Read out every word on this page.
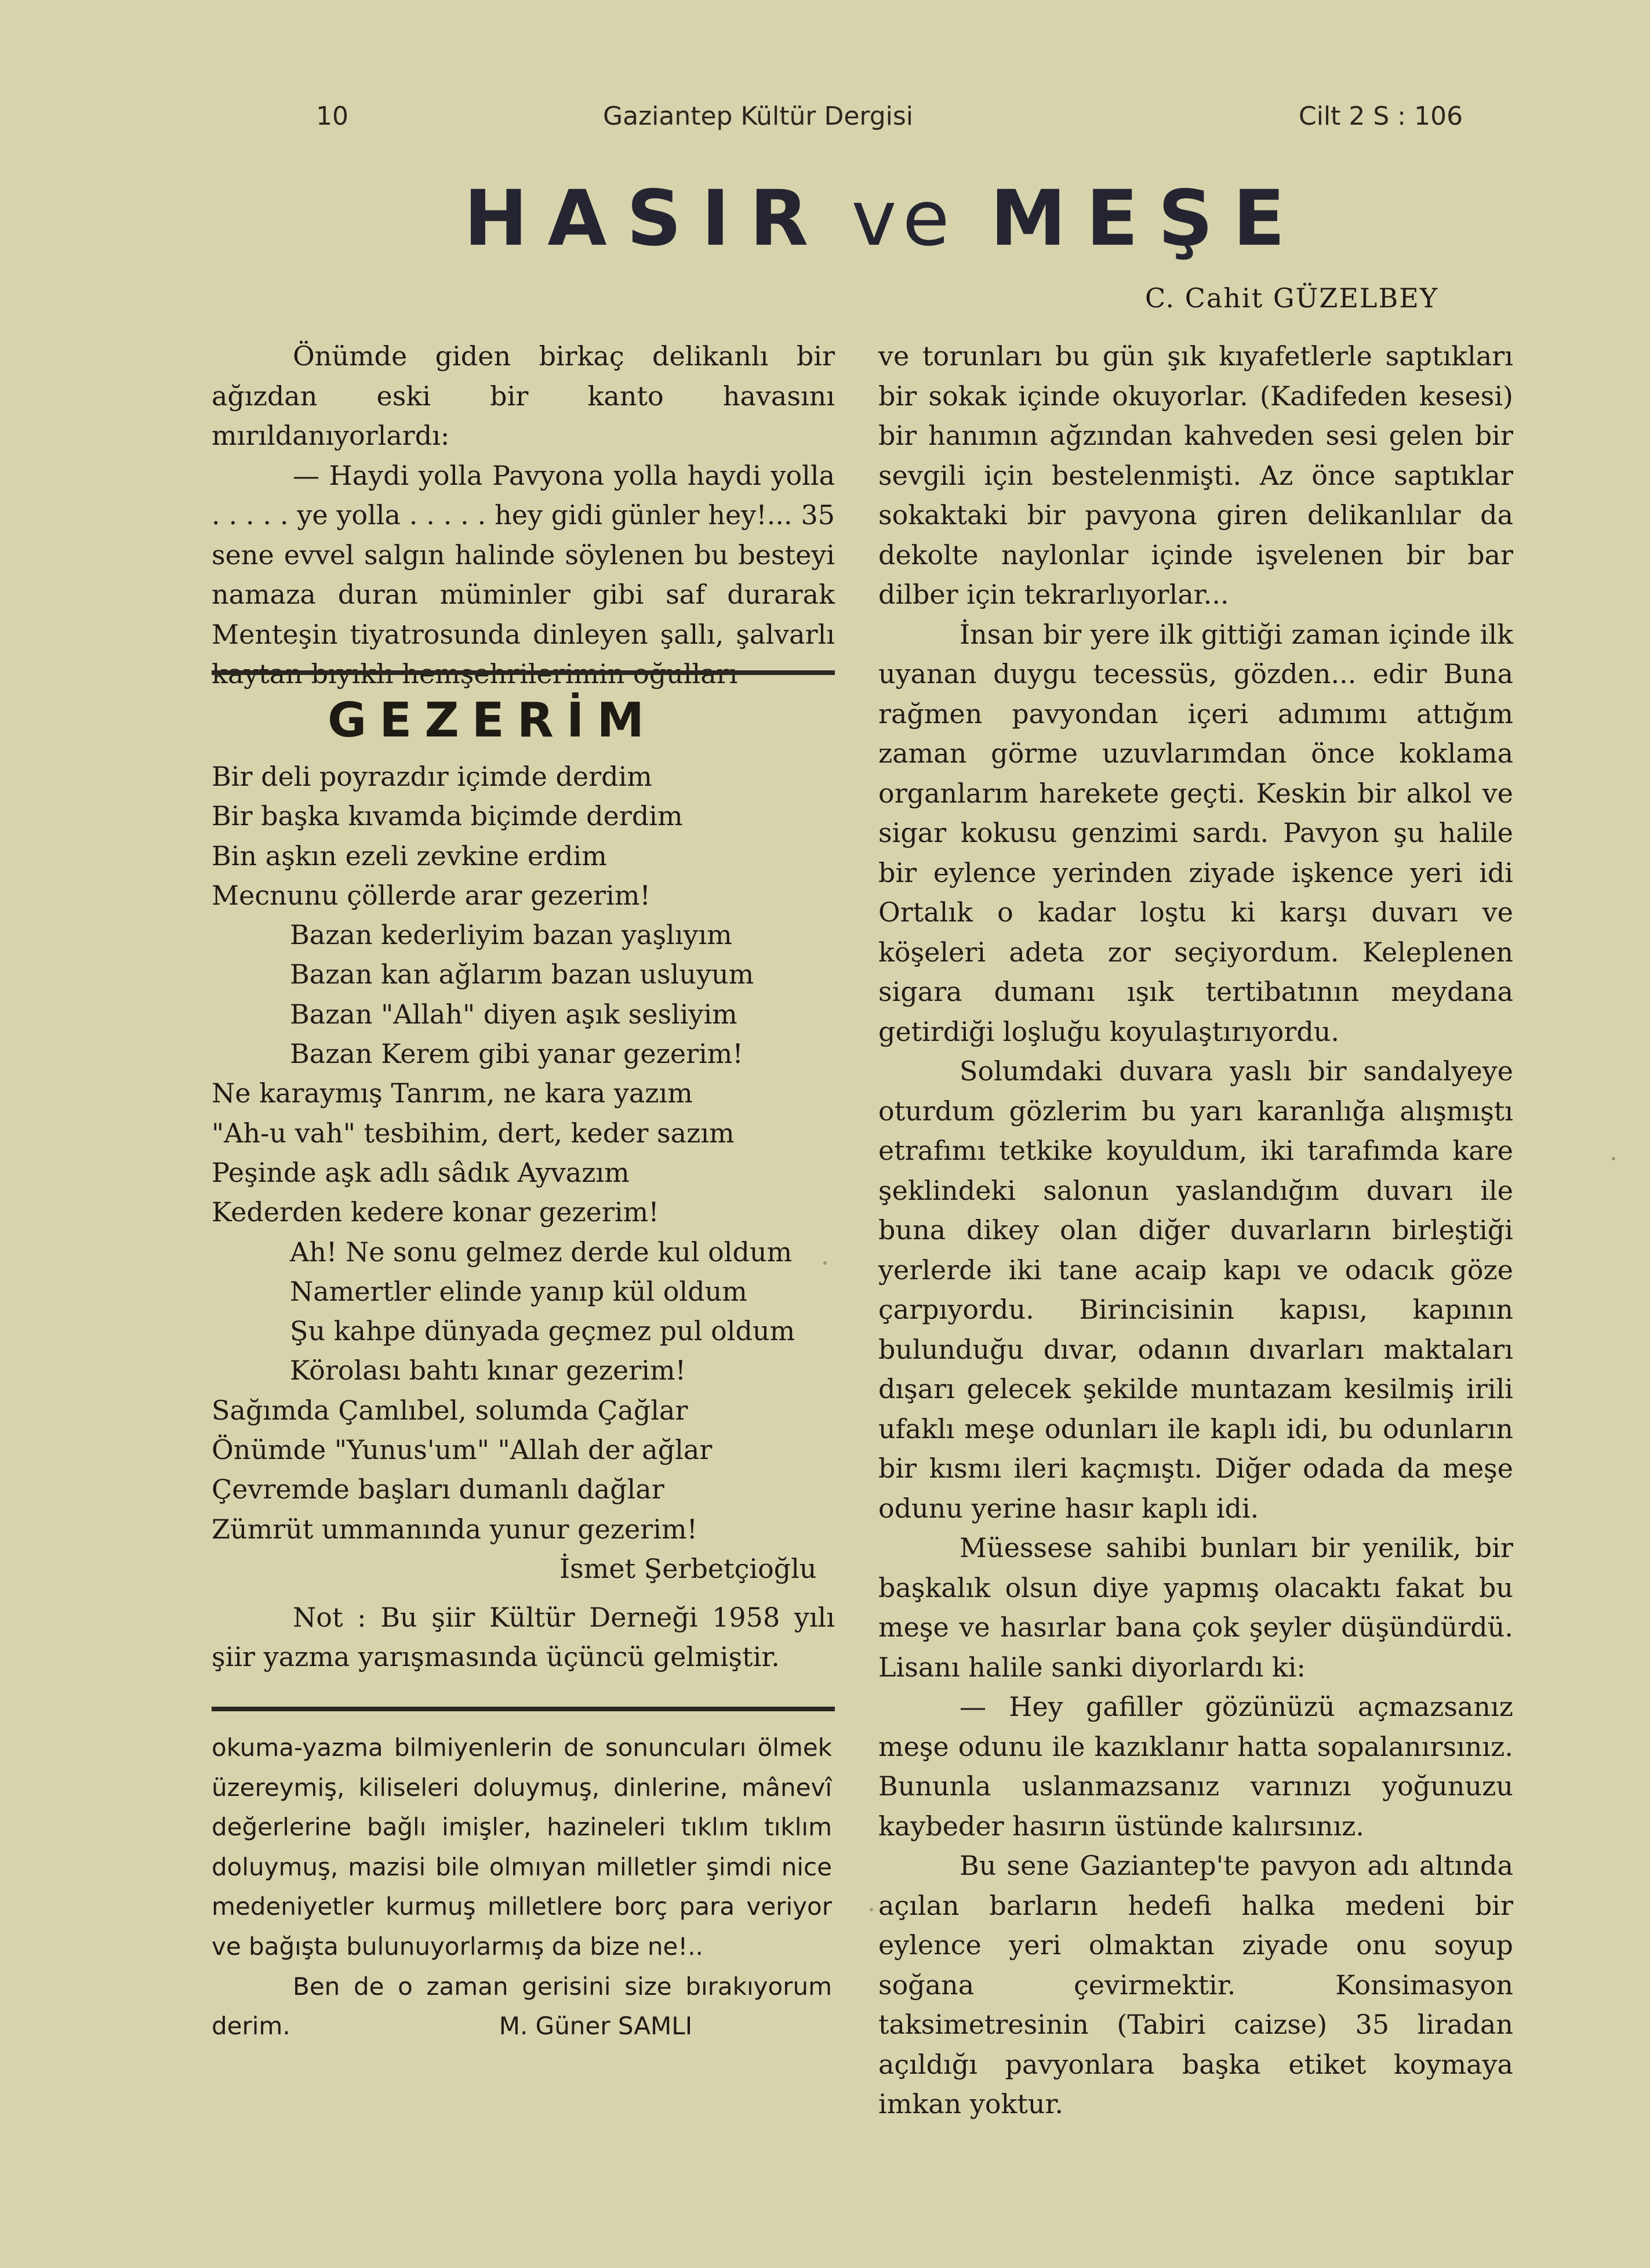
10	Gaziantep Kültür Dergisi	Cilt 2 S : 106
HASIR ve MEŞE
C. Cahit GÜZELBEY

Önümde giden birkaç delikanlı bir ağızdan eski bir kanto havasını mırıldanıyorlardı:

— Haydi yolla Pavyona yolla haydi yolla . . . . . ye yolla . . . . . hey gidi günler hey!... 35 sene evvel salgın halinde söylenen bu besteyi namaza duran müminler gibi saf durarak Menteşin tiyatrosunda dinleyen şallı, şalvarlı

GEZERİM
Bir deli poyrazdır içimde derdim
Bir başka kıvamda biçimde derdim
Bin aşkın ezeli zevkine erdim
Mecnunu çöllerde arar gezerim!
Bazan kederliyim bazan yaşlıyım
Bazan kan ağlarım bazan usluyum
Bazan "Allah" diyen aşık sesliyim
Bazan Kerem gibi yanar gezerim!
Ne karaymış Tanrım, ne kara yazım
"Ah-u vah" tesbihim, dert, keder sazım
Peşinde aşk adlı sâdık Ayvazım
Kederden kedere konar gezerim!
Ah! Ne sonu gelmez derde kul oldum
Namertler elinde yanıp kül oldum
Şu kahpe dünyada geçmez pul oldum
Körolası bahtı kınar gezerim!
Sağımda Çamlıbel, solumda Çağlar
Önümde "Yunus'um" "Allah der ağlar
Çevremde başları dumanlı dağlar
Zümrüt ummanında yunur gezerim!
İsmet Şerbetçioğlu

Not : Bu şiir Kültür Derneği 1958 yılı şiir yazma yarışmasında üçüncü gelmiştir.

okuma-yazma bilmiyenlerin de sonuncuları ölmek üzereymiş, kiliseleri doluymuş, dinlerine, mânevî değerlerine bağlı imişler, hazineleri tıklım tıklım doluymuş, mazisi bile olmıyan milletler şimdi nice medeniyetler kurmuş milletlere borç para veriyor ve bağışta bulunuyorlarmış da bize ne!..

Ben de o zaman gerisini size bırakıyorum derim.	M. Güner SAMLI

ve torunları bu gün şık kıyafetlerle saptıkları bir sokak içinde okuyorlar. (Kadifeden kesesi) bir hanımın ağzından kahveden sesi gelen bir sevgili için bestelenmişti. Az önce saptıklar sokaktaki bir pavyona giren delikanlılar da dekolte naylonlar içinde işvelenen bir bar dilber için tekrarlıyorlar...

İnsan bir yere ilk gittiği zaman içinde ilk uyanan duygu tecessüs, gözden... edir Buna rağmen pavyondan içeri adımımı attığım zaman görme uzuvlarımdan önce koklama organlarım harekete geçti. Keskin bir alkol ve sigar kokusu genzimi sardı. Pavyon şu halile bir eylence yerinden ziyade işkence yeri idi Ortalık o kadar loştu ki karşı duvarı ve köşeleri adeta zor seçiyordum. Keleplenen sigara dumanı ışık tertibatının meydana getirdiği loşluğu koyulaştırıyordu.

Solumdaki duvara yaslı bir sandalyeye oturdum gözlerim bu yarı karanlığa alışmıştı etrafımı tetkike koyuldum, iki tarafımda kare şeklindeki salonun yaslandığım duvarı ile buna dikey olan diğer duvarların birleştiği yerlerde iki tane acaip kapı ve odacık göze çarpıyordu. Birincisinin kapısı, kapının bulunduğu dıvar, odanın dıvarları maktaları dışarı gelecek şekilde muntazam kesilmiş irili ufaklı meşe odunları ile kaplı idi, bu odunların bir kısmı ileri kaçmıştı. Diğer odada da meşe odunu yerine hasır kaplı idi.

Müessese sahibi bunları bir yenilik, bir başkalık olsun diye yapmış olacaktı fakat bu meşe ve hasırlar bana çok şeyler düşündürdü. Lisanı halile sanki diyorlardı ki:

— Hey gafiller gözünüzü açmazsanız meşe odunu ile kazıklanır hatta sopalanırsınız. Bununla uslanmazsanız varınızı yoğunuzu kaybeder hasırın üstünde kalırsınız.

Bu sene Gaziantep'te pavyon adı altında açılan barların hedefi halka medeni bir eylence yeri olmaktan ziyade onu soyup soğana çevirmektir. Konsimasyon taksimetresinin (Tabiri caizse) 35 liradan açıldığı pavyonlara başka etiket koymaya imkan yoktur.
